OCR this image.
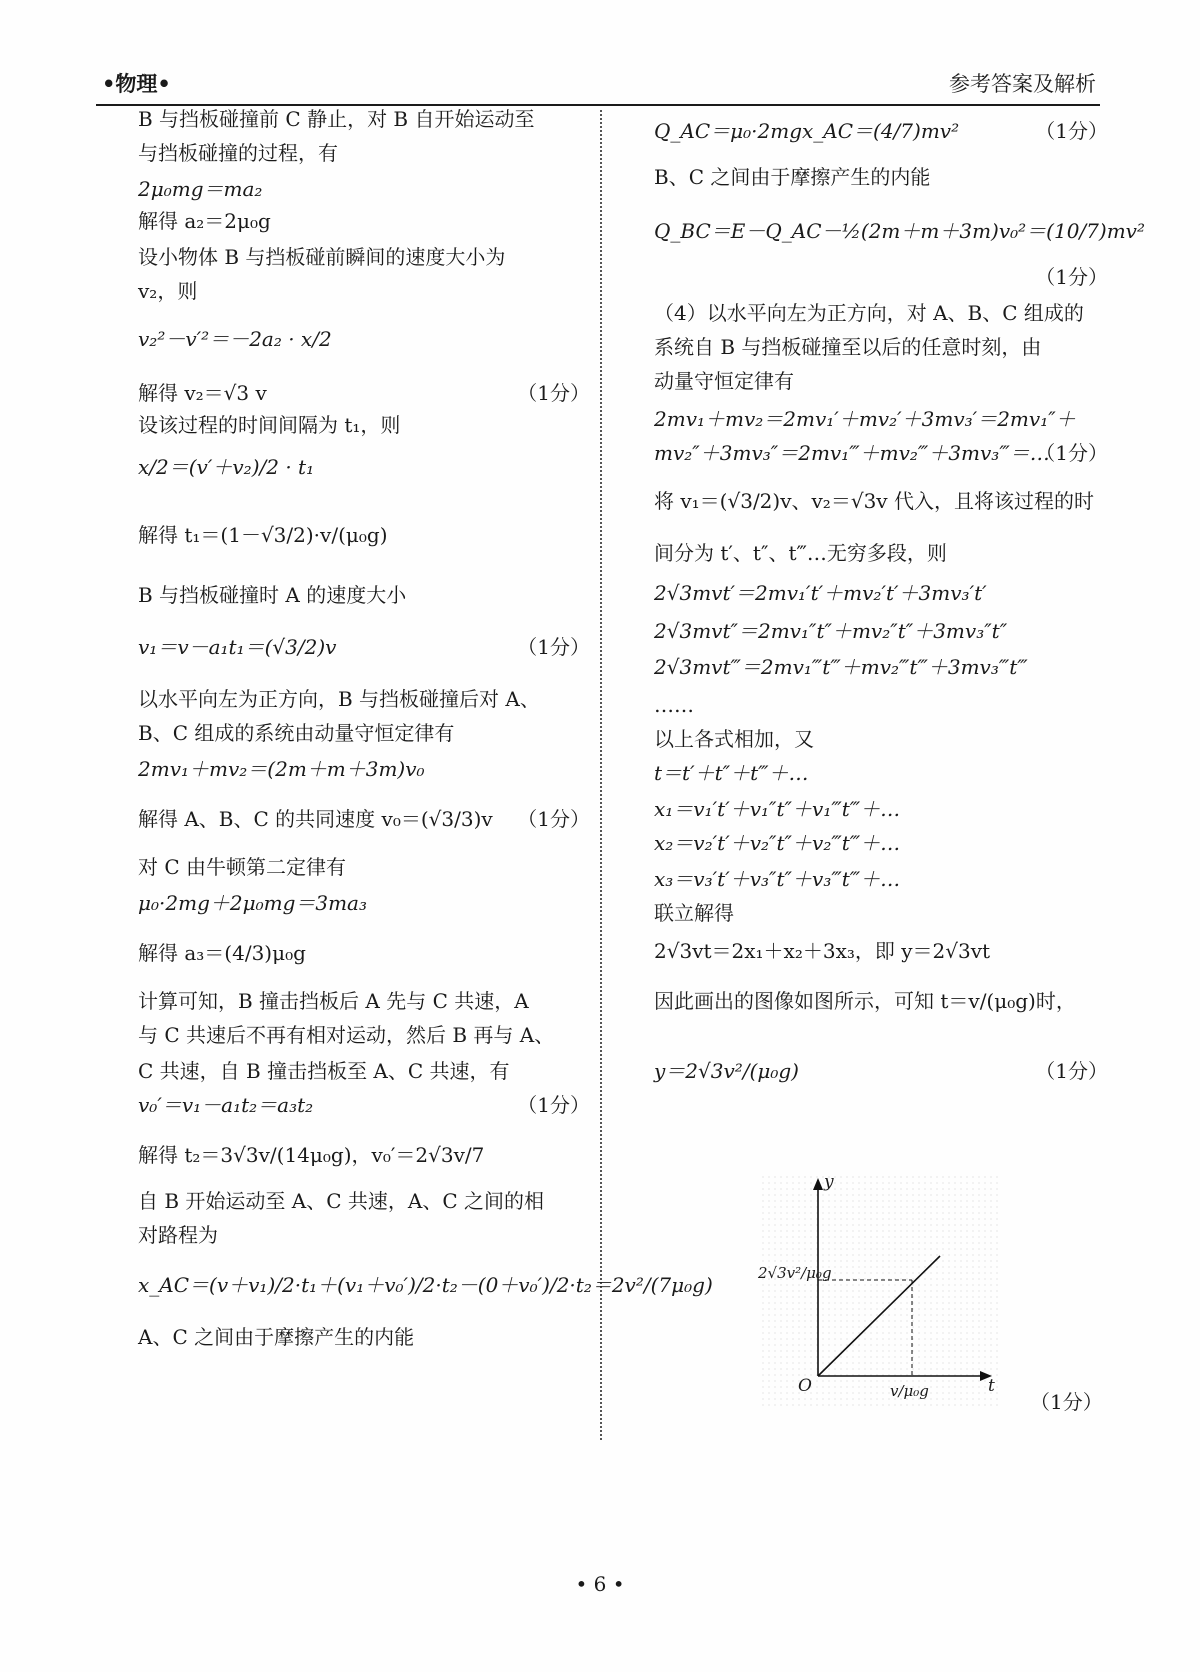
•物理•	参考答案及解析
B 与挡板碰撞前 C 静止，对 B 自开始运动至
与挡板碰撞的过程，有
2μ₀mg＝ma₂
解得 a₂＝2μ₀g
设小物体 B 与挡板碰前瞬间的速度大小为
v₂，则
v₂²－v′²＝－2a₂ · x/2
解得 v₂＝√3 v	（1分）
设该过程的时间间隔为 t₁，则
x/2＝(v′＋v₂)/2 · t₁
解得 t₁＝(1－√3/2)·v/(μ₀g)
B 与挡板碰撞时 A 的速度大小
v₁＝v－a₁t₁＝(√3/2)v	（1分）
以水平向左为正方向，B 与挡板碰撞后对 A、
B、C 组成的系统由动量守恒定律有
2mv₁＋mv₂＝(2m＋m＋3m)v₀
解得 A、B、C 的共同速度 v₀＝(√3/3)v （1分）
对 C 由牛顿第二定律有
μ₀·2mg＋2μ₀mg＝3ma₃
解得 a₃＝(4/3)μ₀g
计算可知，B 撞击挡板后 A 先与 C 共速，A
与 C 共速后不再有相对运动，然后 B 再与 A、
C 共速，自 B 撞击挡板至 A、C 共速，有
v₀′＝v₁－a₁t₂＝a₃t₂	（1分）
解得 t₂＝3√3v/(14μ₀g)，v₀′＝2√3v/7
自 B 开始运动至 A、C 共速，A、C 之间的相
对路程为
x_AC＝(v＋v₁)/2·t₁＋(v₁＋v₀′)/2·t₂－(0＋v₀′)/2·t₂＝2v²/(7μ₀g)
A、C 之间由于摩擦产生的内能
Q_AC＝μ₀·2mgx_AC＝(4/7)mv²	（1分）
B、C 之间由于摩擦产生的内能
Q_BC＝E－Q_AC－½(2m＋m＋3m)v₀²＝(10/7)mv²
（1分）
（4）以水平向左为正方向，对 A、B、C 组成的
系统自 B 与挡板碰撞至以后的任意时刻，由
动量守恒定律有
2mv₁＋mv₂＝2mv₁′＋mv₂′＋3mv₃′＝2mv₁″＋
mv₂″＋3mv₃″＝2mv₁‴＋mv₂‴＋3mv₃‴＝…
（1分）
将 v₁＝(√3/2)v、v₂＝√3v 代入，且将该过程的时
间分为 t′、t″、t‴…无穷多段，则
2√3mvt′＝2mv₁′t′＋mv₂′t′＋3mv₃′t′
2√3mvt″＝2mv₁″t″＋mv₂″t″＋3mv₃″t″
2√3mvt‴＝2mv₁‴t‴＋mv₂‴t‴＋3mv₃‴t‴
……
以上各式相加，又
t＝t′＋t″＋t‴＋…
x₁＝v₁′t′＋v₁″t″＋v₁‴t‴＋…
x₂＝v₂′t′＋v₂″t″＋v₂‴t‴＋…
x₃＝v₃′t′＋v₃″t″＋v₃‴t‴＋…
联立解得
2√3vt＝2x₁＋x₂＋3x₃，即 y＝2√3vt
因此画出的图像如图所示，可知 t＝v/(μ₀g)时，
y＝2√3v²/(μ₀g)	（1分）
y
t
O
2√3v²/μ₀g
v/μ₀g	（1分）
• 6 •
